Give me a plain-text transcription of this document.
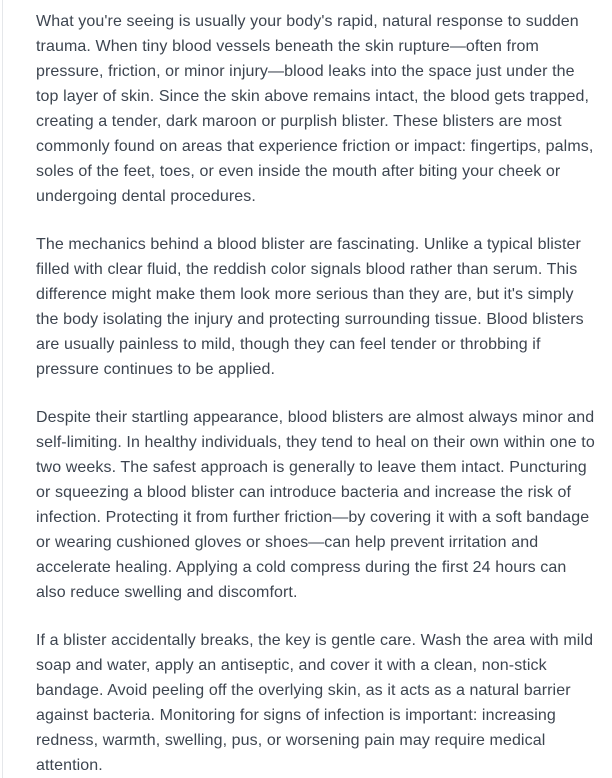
What you're seeing is usually your body's rapid, natural response to sudden trauma. When tiny blood vessels beneath the skin rupture—often from pressure, friction, or minor injury—blood leaks into the space just under the top layer of skin. Since the skin above remains intact, the blood gets trapped, creating a tender, dark maroon or purplish blister. These blisters are most commonly found on areas that experience friction or impact: fingertips, palms, soles of the feet, toes, or even inside the mouth after biting your cheek or undergoing dental procedures.

The mechanics behind a blood blister are fascinating. Unlike a typical blister filled with clear fluid, the reddish color signals blood rather than serum. This difference might make them look more serious than they are, but it's simply the body isolating the injury and protecting surrounding tissue. Blood blisters are usually painless to mild, though they can feel tender or throbbing if pressure continues to be applied.

Despite their startling appearance, blood blisters are almost always minor and self-limiting. In healthy individuals, they tend to heal on their own within one to two weeks. The safest approach is generally to leave them intact. Puncturing or squeezing a blood blister can introduce bacteria and increase the risk of infection. Protecting it from further friction—by covering it with a soft bandage or wearing cushioned gloves or shoes—can help prevent irritation and accelerate healing. Applying a cold compress during the first 24 hours can also reduce swelling and discomfort.

If a blister accidentally breaks, the key is gentle care. Wash the area with mild soap and water, apply an antiseptic, and cover it with a clean, non-stick bandage. Avoid peeling off the overlying skin, as it acts as a natural barrier against bacteria. Monitoring for signs of infection is important: increasing redness, warmth, swelling, pus, or worsening pain may require medical attention.
